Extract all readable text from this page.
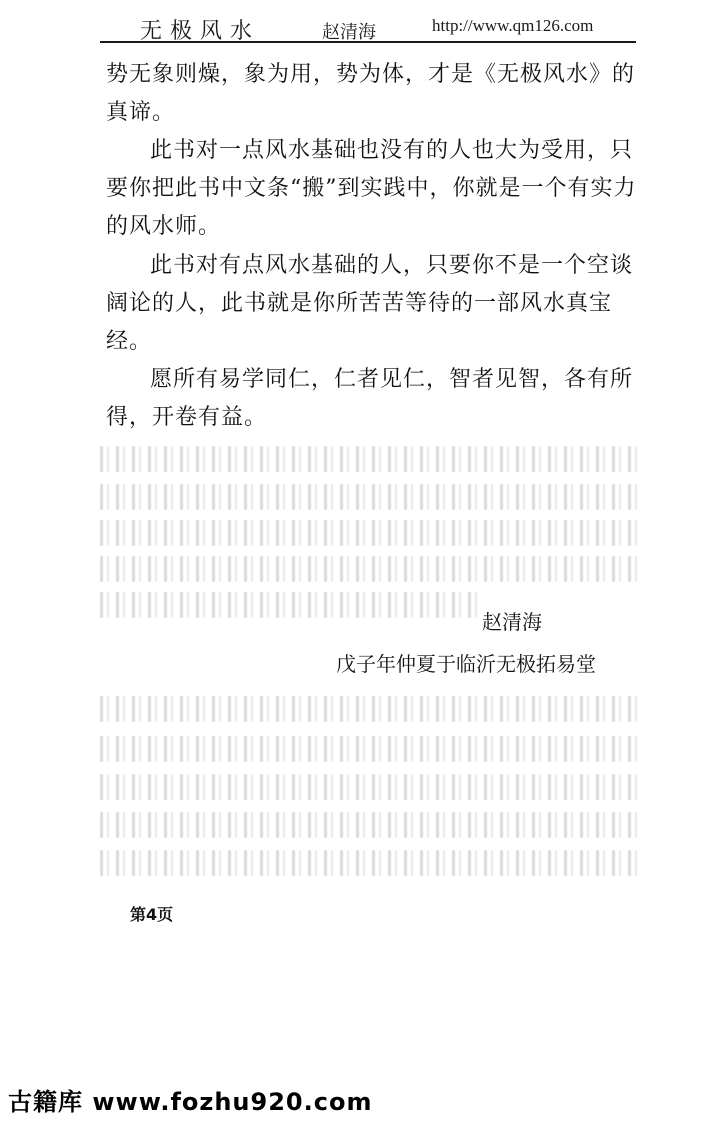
无极风水	赵清海	http://www.qm126.com

势无象则燥，象为用，势为体，才是《无极风水》的真谛。

此书对一点风水基础也没有的人也大为受用，只要你把此书中文条“搬”到实践中，你就是一个有实力的风水师。

此书对有点风水基础的人，只要你不是一个空谈阔论的人，此书就是你所苦苦等待的一部风水真宝经。

愿所有易学同仁，仁者见仁，智者见智，各有所得，开卷有益。

赵清海
戊子年仲夏于临沂无极拓易堂
第4页
古籍库 www.fozhu920.com
